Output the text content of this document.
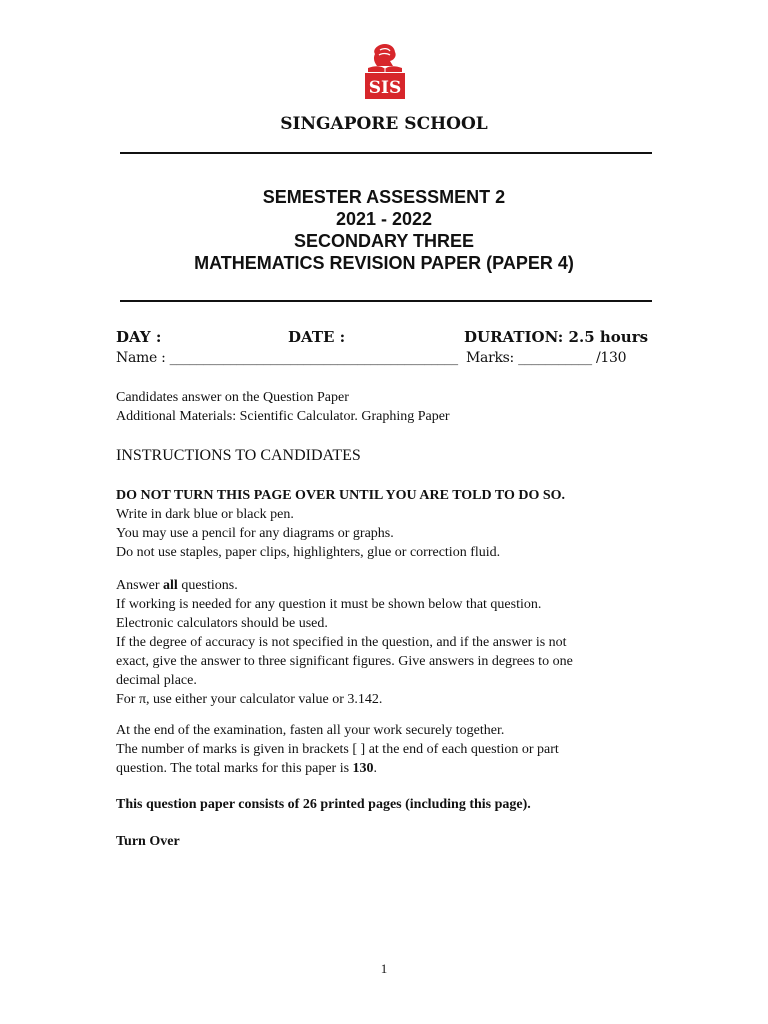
SIS
SINGAPORE SCHOOL
SEMESTER ASSESSMENT 2
2021 - 2022
SECONDARY THREE
MATHEMATICS REVISION PAPER (PAPER 4)
DAY :	DATE :	DURATION: 2.5 hours
Name : ___________________________________________ Marks: ___________ /130

Candidates answer on the Question Paper

Additional Materials: Scientific Calculator. Graphing Paper

INSTRUCTIONS TO CANDIDATES

DO NOT TURN THIS PAGE OVER UNTIL YOU ARE TOLD TO DO SO.

Write in dark blue or black pen.

You may use a pencil for any diagrams or graphs.

Do not use staples, paper clips, highlighters, glue or correction fluid.

Answer all questions.

If working is needed for any question it must be shown below that question.

Electronic calculators should be used.

If the degree of accuracy is not specified in the question, and if the answer is not

exact, give the answer to three significant figures. Give answers in degrees to one

decimal place.

For π, use either your calculator value or 3.142.

At the end of the examination, fasten all your work securely together.

The number of marks is given in brackets [ ] at the end of each question or part

question. The total marks for this paper is 130.

This question paper consists of 26 printed pages (including this page).
Turn Over
1
